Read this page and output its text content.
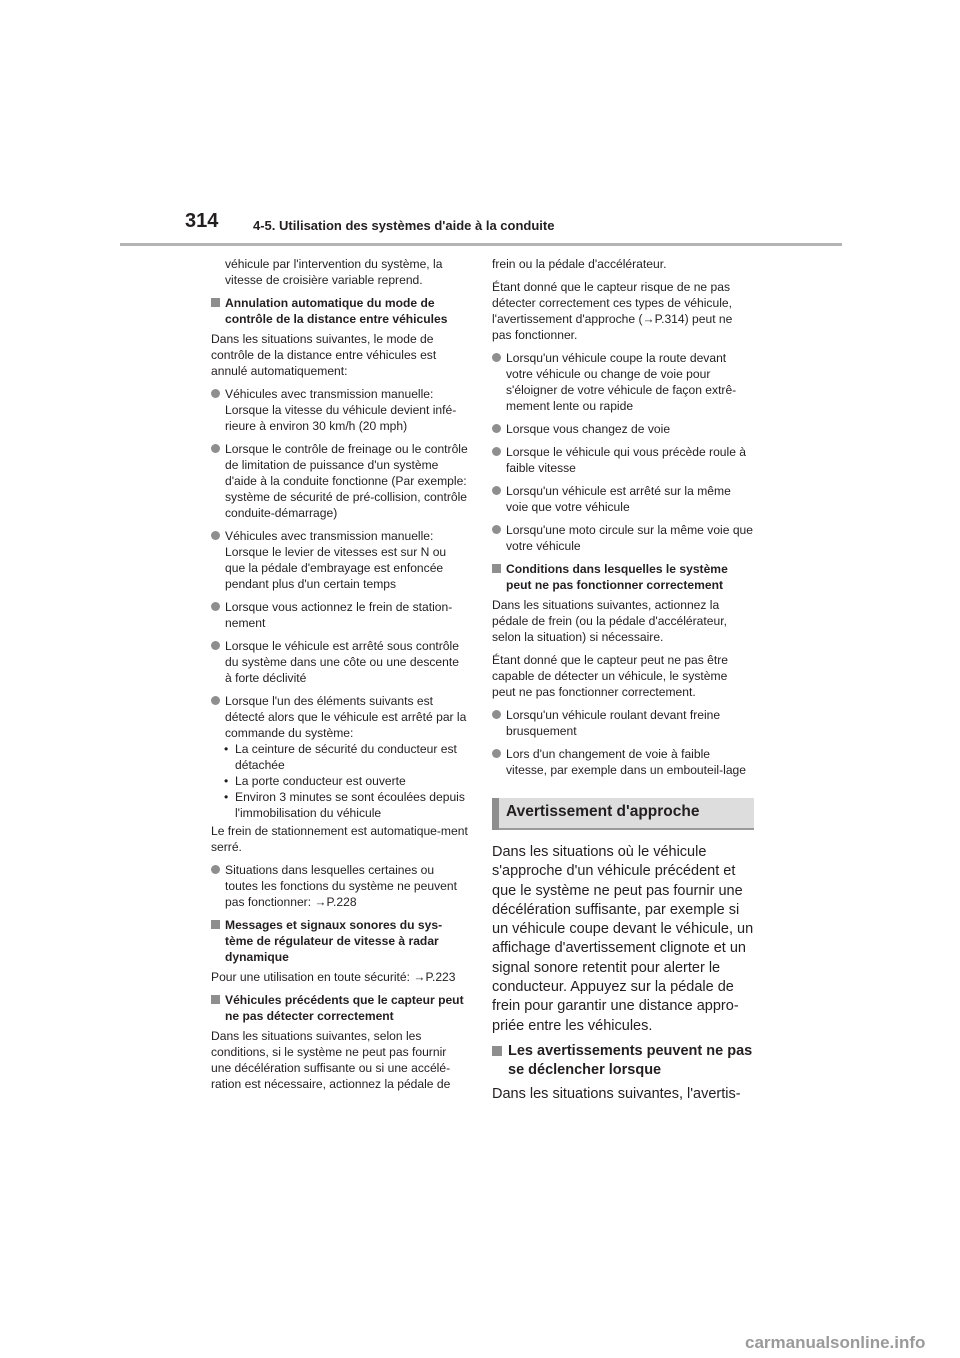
314	4-5. Utilisation des systèmes d'aide à la conduite
véhicule par l'intervention du système, la vitesse de croisière variable reprend.
Annulation automatique du mode de contrôle de la distance entre véhicules
Dans les situations suivantes, le mode de contrôle de la distance entre véhicules est annulé automatiquement:
Véhicules avec transmission manuelle: Lorsque la vitesse du véhicule devient infé-rieure à environ 30 km/h (20 mph)
Lorsque le contrôle de freinage ou le contrôle de limitation de puissance d'un système d'aide à la conduite fonctionne (Par exemple: système de sécurité de pré-collision, contrôle conduite-démarrage)
Véhicules avec transmission manuelle: Lorsque le levier de vitesses est sur N ou que la pédale d'embrayage est enfoncée pendant plus d'un certain temps
Lorsque vous actionnez le frein de station-nement
Lorsque le véhicule est arrêté sous contrôle du système dans une côte ou une descente à forte déclivité
Lorsque l'un des éléments suivants est détecté alors que le véhicule est arrêté par la commande du système:
• La ceinture de sécurité du conducteur est détachée
• La porte conducteur est ouverte
• Environ 3 minutes se sont écoulées depuis l'immobilisation du véhicule
Le frein de stationnement est automatique-ment serré.
Situations dans lesquelles certaines ou toutes les fonctions du système ne peuvent pas fonctionner: →P.228
Messages et signaux sonores du sys-tème de régulateur de vitesse à radar dynamique
Pour une utilisation en toute sécurité: →P.223
Véhicules précédents que le capteur peut ne pas détecter correctement
Dans les situations suivantes, selon les conditions, si le système ne peut pas fournir une décélération suffisante ou si une accélé-ration est nécessaire, actionnez la pédale de
frein ou la pédale d'accélérateur.
Étant donné que le capteur risque de ne pas détecter correctement ces types de véhicule, l'avertissement d'approche (→P.314) peut ne pas fonctionner.
Lorsqu'un véhicule coupe la route devant votre véhicule ou change de voie pour s'éloigner de votre véhicule de façon extrê-mement lente ou rapide
Lorsque vous changez de voie
Lorsque le véhicule qui vous précède roule à faible vitesse
Lorsqu'un véhicule est arrêté sur la même voie que votre véhicule
Lorsqu'une moto circule sur la même voie que votre véhicule
Conditions dans lesquelles le système peut ne pas fonctionner correctement
Dans les situations suivantes, actionnez la pédale de frein (ou la pédale d'accélérateur, selon la situation) si nécessaire.
Étant donné que le capteur peut ne pas être capable de détecter un véhicule, le système peut ne pas fonctionner correctement.
Lorsqu'un véhicule roulant devant freine brusquement
Lors d'un changement de voie à faible vitesse, par exemple dans un embouteil-lage
Avertissement d'approche
Dans les situations où le véhicule s'approche d'un véhicule précédent et que le système ne peut pas fournir une décélération suffisante, par exemple si un véhicule coupe devant le véhicule, un affichage d'avertissement clignote et un signal sonore retentit pour alerter le conducteur. Appuyez sur la pédale de frein pour garantir une distance appro-priée entre les véhicules.
Les avertissements peuvent ne pas se déclencher lorsque
Dans les situations suivantes, l'avertis-
carmanualsonline.info
